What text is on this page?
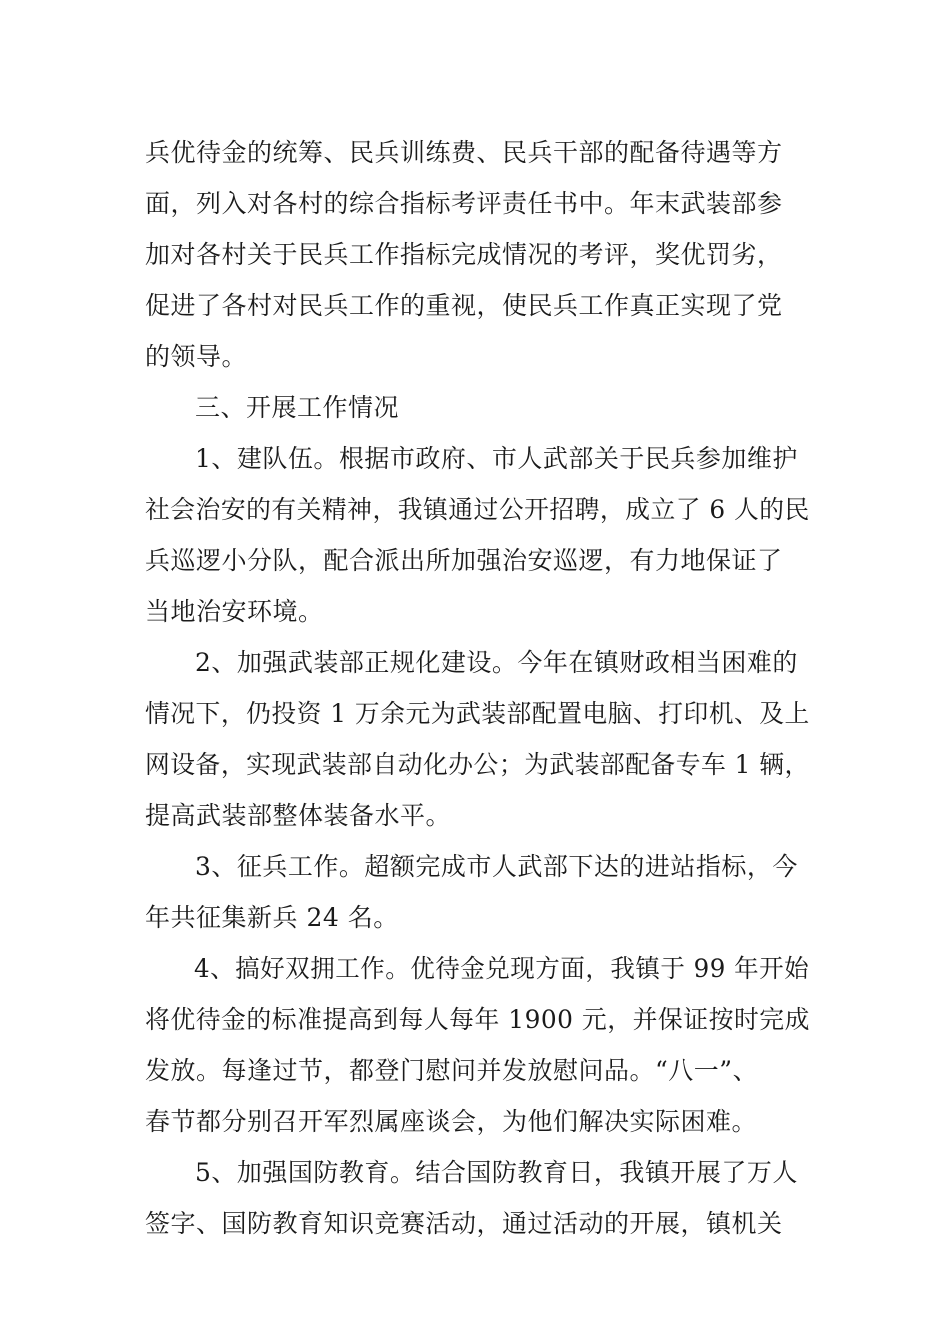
兵优待金的统筹、民兵训练费、民兵干部的配备待遇等方
面，列入对各村的综合指标考评责任书中。年末武装部参
加对各村关于民兵工作指标完成情况的考评，奖优罚劣，
促进了各村对民兵工作的重视，使民兵工作真正实现了党
的领导。
三、开展工作情况
1、建队伍。根据市政府、市人武部关于民兵参加维护
社会治安的有关精神，我镇通过公开招聘，成立了 6 人的民
兵巡逻小分队，配合派出所加强治安巡逻，有力地保证了
当地治安环境。
2、加强武装部正规化建设。今年在镇财政相当困难的
情况下，仍投资 1 万余元为武装部配置电脑、打印机、及上
网设备，实现武装部自动化办公；为武装部配备专车 1 辆，
提高武装部整体装备水平。
3、征兵工作。超额完成市人武部下达的进站指标，今
年共征集新兵 24 名。
4、搞好双拥工作。优待金兑现方面，我镇于 99 年开始
将优待金的标准提高到每人每年 1900 元，并保证按时完成
发放。每逢过节，都登门慰问并发放慰问品。“八一”、
春节都分别召开军烈属座谈会，为他们解决实际困难。
5、加强国防教育。结合国防教育日，我镇开展了万人
签字、国防教育知识竞赛活动，通过活动的开展，镇机关
